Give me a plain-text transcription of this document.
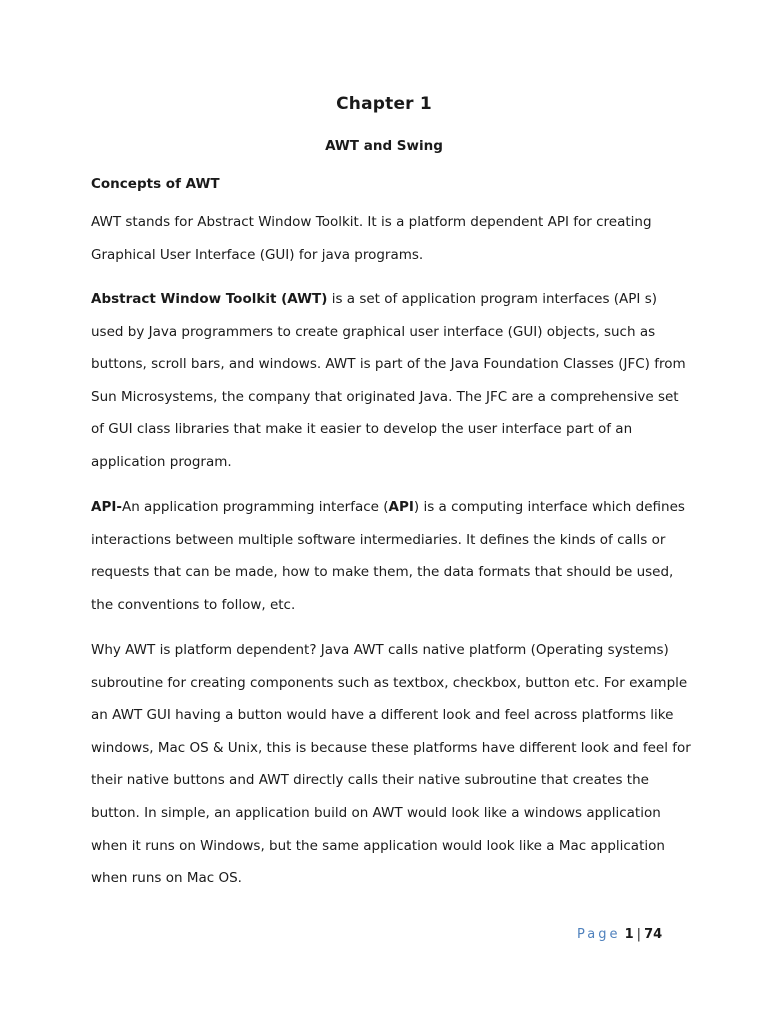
Chapter 1
AWT and Swing
Concepts of AWT
AWT stands for Abstract Window Toolkit. It is a platform dependent API for creating Graphical User Interface (GUI) for java programs.
Abstract Window Toolkit (AWT) is a set of application program interfaces (API s) used by Java programmers to create graphical user interface (GUI) objects, such as buttons, scroll bars, and windows. AWT is part of the Java Foundation Classes (JFC) from Sun Microsystems, the company that originated Java. The JFC are a comprehensive set of GUI class libraries that make it easier to develop the user interface part of an application program.
API-An application programming interface (API) is a computing interface which defines interactions between multiple software intermediaries. It defines the kinds of calls or requests that can be made, how to make them, the data formats that should be used, the conventions to follow, etc.
Why AWT is platform dependent? Java AWT calls native platform (Operating systems) subroutine for creating components such as textbox, checkbox, button etc. For example an AWT GUI having a button would have a different look and feel across platforms like windows, Mac OS & Unix, this is because these platforms have different look and feel for their native buttons and AWT directly calls their native subroutine that creates the button. In simple, an application build on AWT would look like a windows application when it runs on Windows, but the same application would look like a Mac application when runs on Mac OS.
Page 1 | 74
